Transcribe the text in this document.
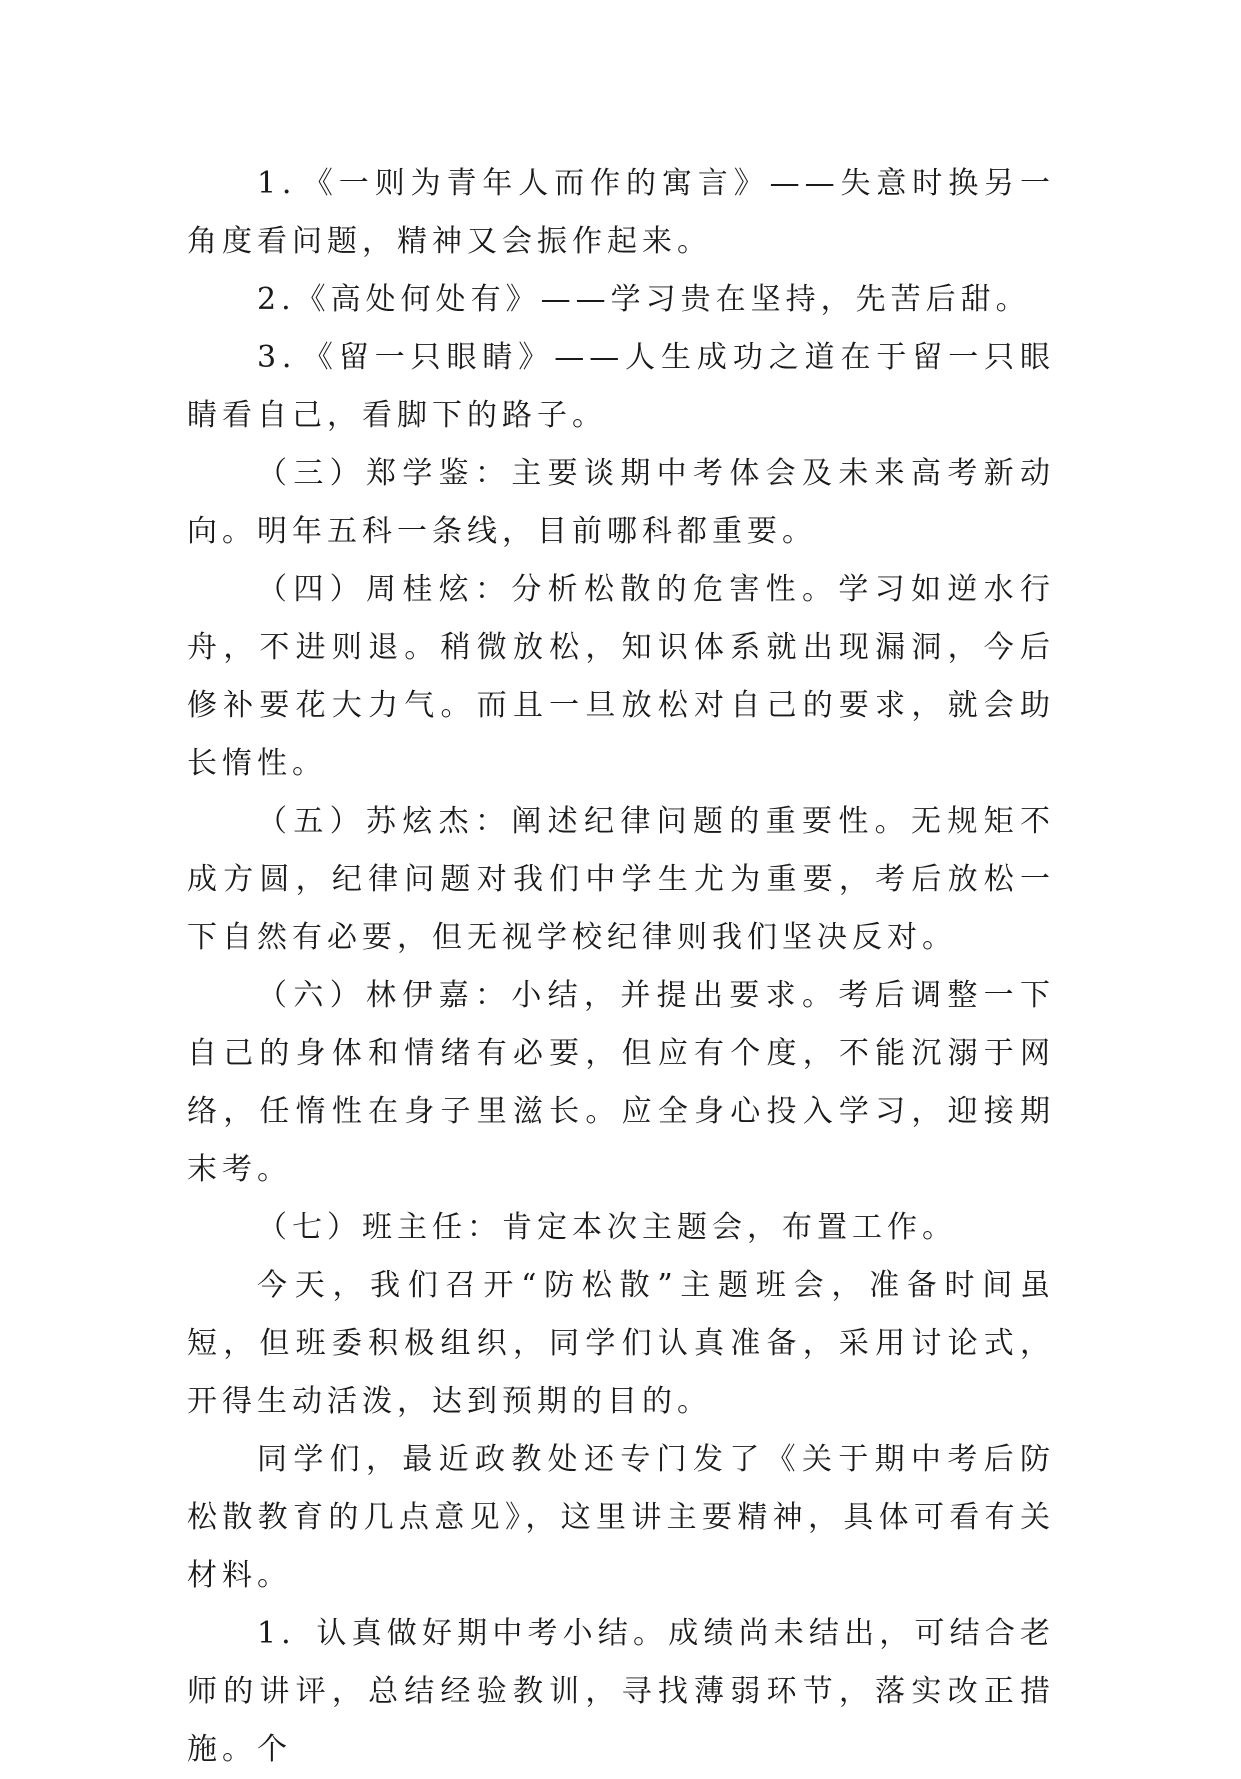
1．《一则为青年人而作的寓言》——失意时换另一角度看问题，精神又会振作起来。

2.《高处何处有》——学习贵在坚持，先苦后甜。

3．《留一只眼睛》——人生成功之道在于留一只眼睛看自己，看脚下的路子。

（三）郑学鉴：主要谈期中考体会及未来高考新动向。明年五科一条线，目前哪科都重要。

（四）周桂炫：分析松散的危害性。学习如逆水行舟，不进则退。稍微放松，知识体系就出现漏洞，今后修补要花大力气。而且一旦放松对自己的要求，就会助长惰性。

（五）苏炫杰：阐述纪律问题的重要性。无规矩不成方圆，纪律问题对我们中学生尤为重要，考后放松一下自然有必要，但无视学校纪律则我们坚决反对。

（六）林伊嘉：小结，并提出要求。考后调整一下自己的身体和情绪有必要，但应有个度，不能沉溺于网络，任惰性在身子里滋长。应全身心投入学习，迎接期末考。

（七）班主任：肯定本次主题会，布置工作。

今天，我们召开“防松散”主题班会，准备时间虽短，但班委积极组织，同学们认真准备，采用讨论式，开得生动活泼，达到预期的目的。

同学们，最近政教处还专门发了《关于期中考后防松散教育的几点意见》，这里讲主要精神，具体可看有关材料。

1．认真做好期中考小结。成绩尚未结出，可结合老师的讲评，总结经验教训，寻找薄弱环节，落实改正措施。个
